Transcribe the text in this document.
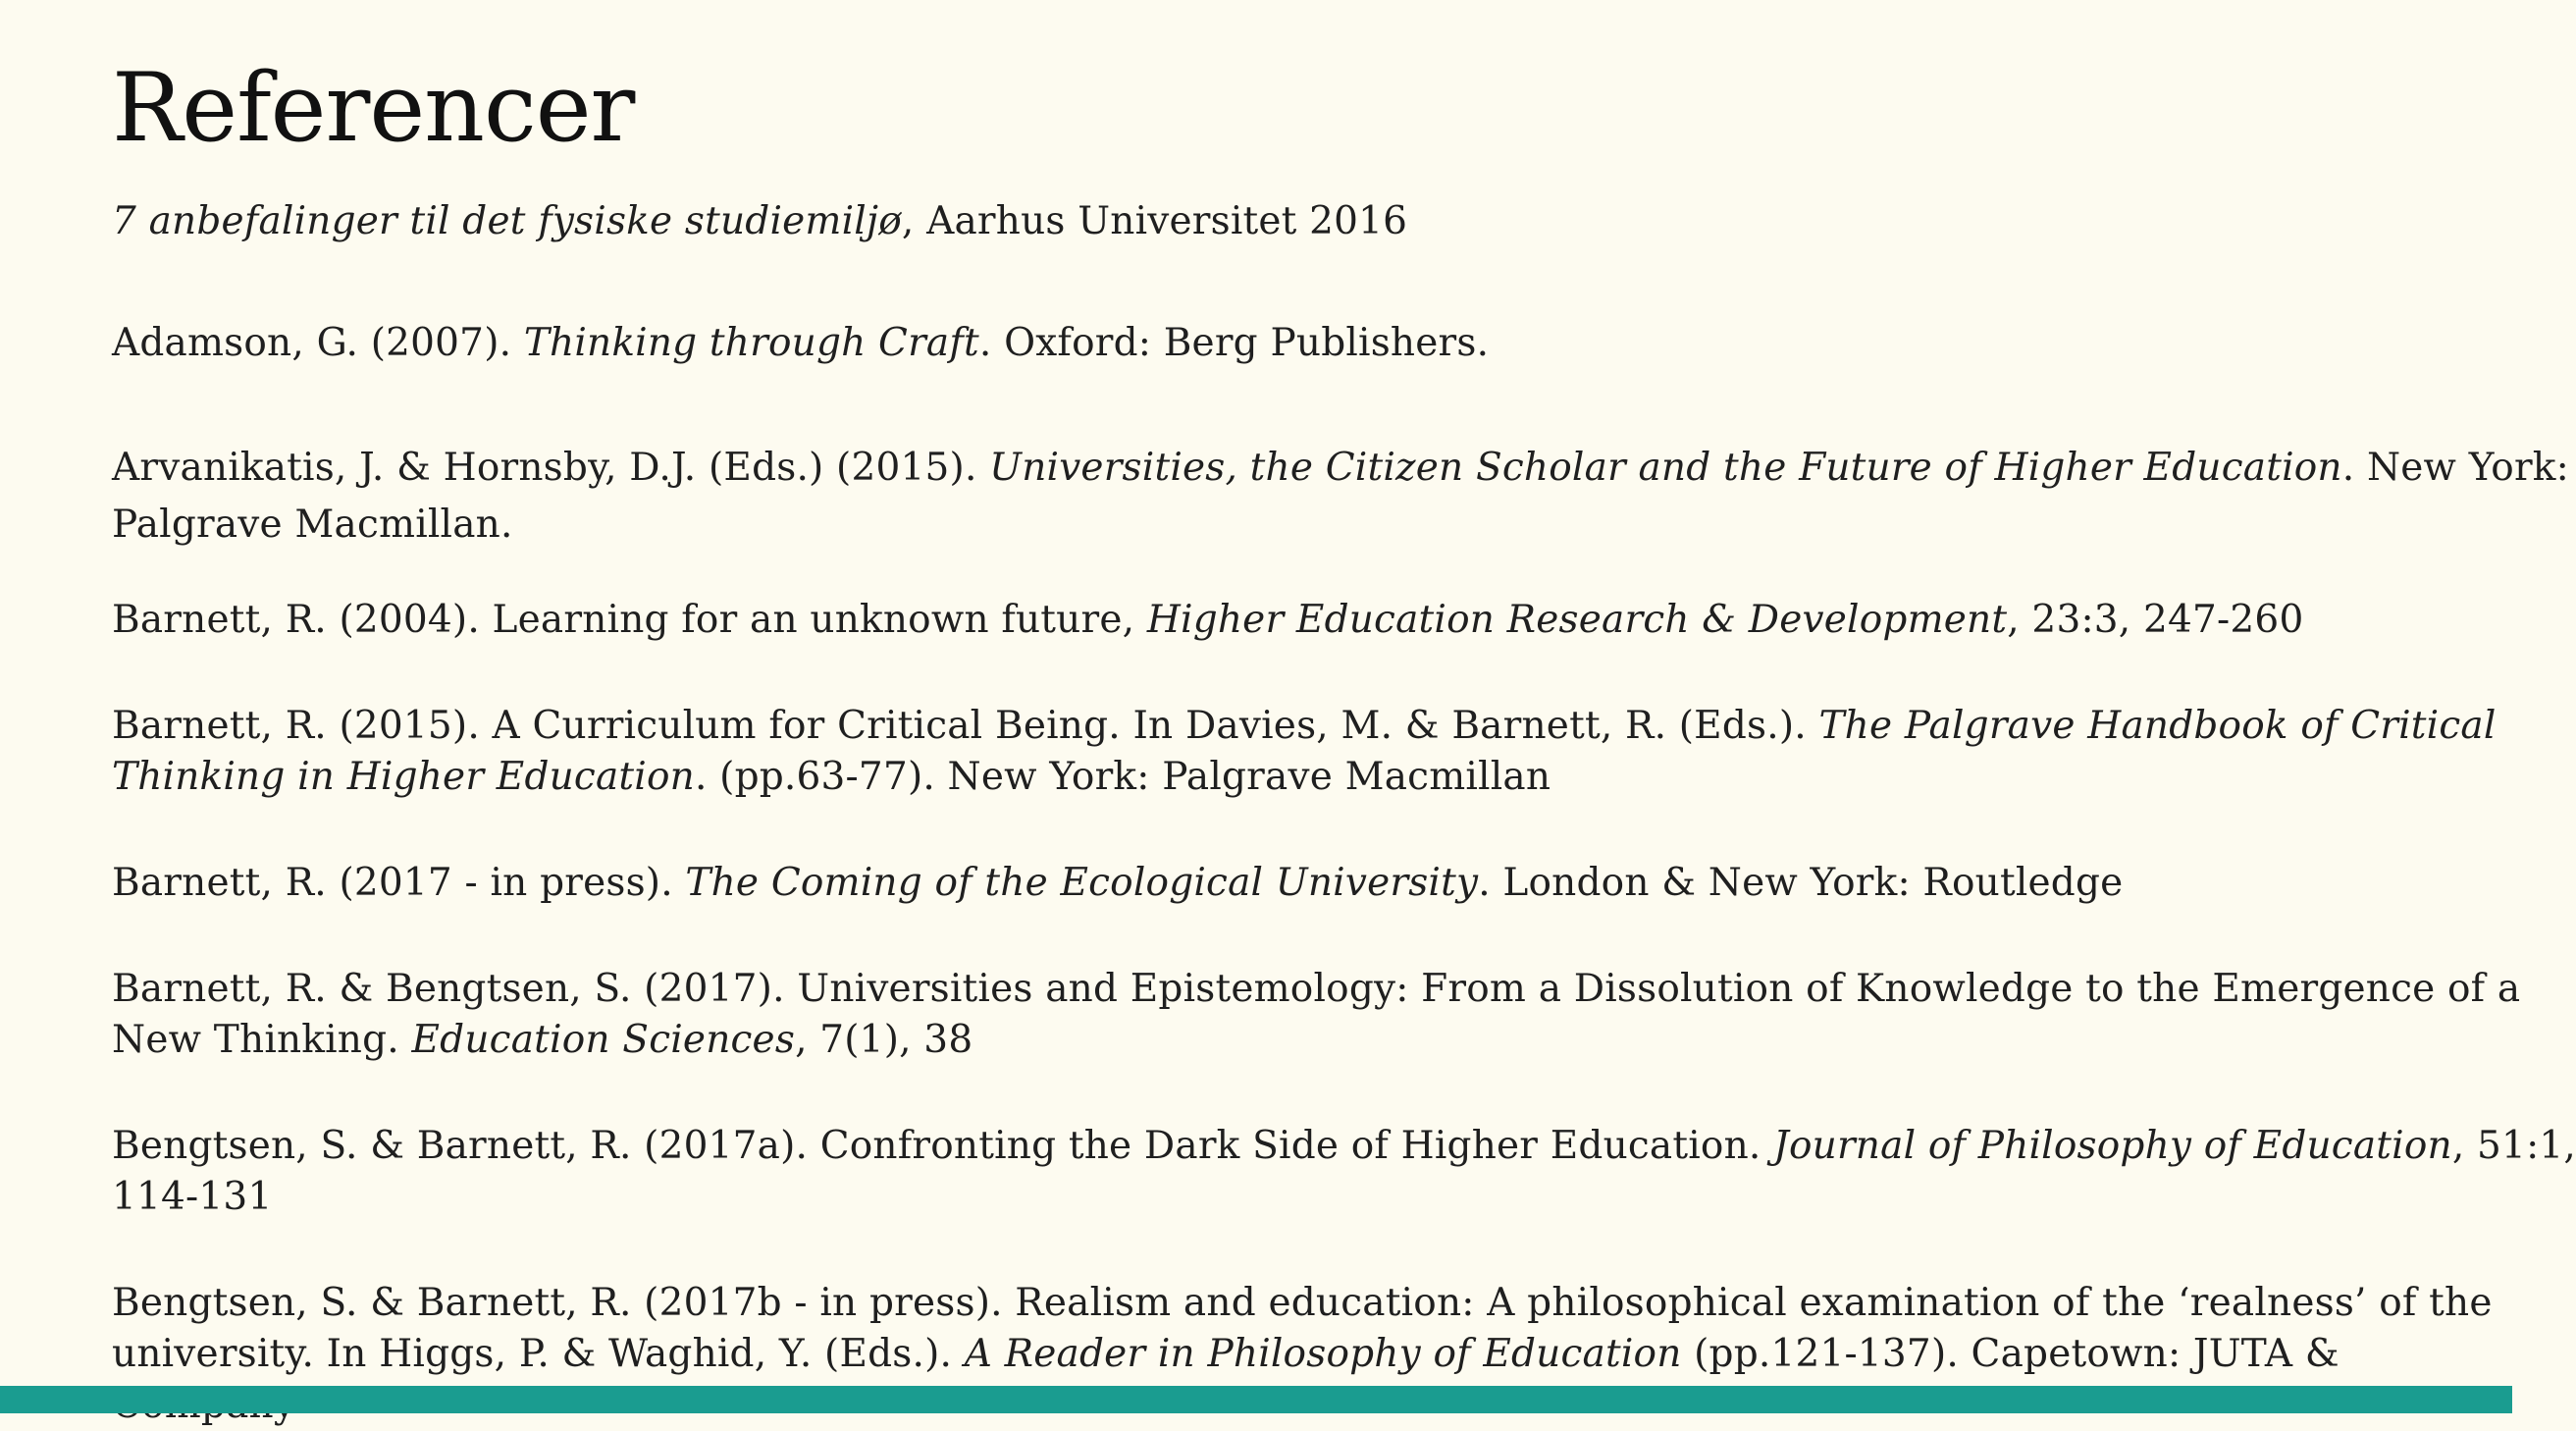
Referencer

7 anbefalinger til det fysiske studiemiljø, Aarhus Universitet 2016

Adamson, G. (2007). Thinking through Craft. Oxford: Berg Publishers.

Arvanikatis, J. & Hornsby, D.J. (Eds.) (2015). Universities, the Citizen Scholar and the Future of Higher Education. New York:
Palgrave Macmillan.

Barnett, R. (2004). Learning for an unknown future, Higher Education Research & Development, 23:3, 247-260

Barnett, R. (2015). A Curriculum for Critical Being. In Davies, M. & Barnett, R. (Eds.). The Palgrave Handbook of Critical
Thinking in Higher Education. (pp.63-77). New York: Palgrave Macmillan

Barnett, R. (2017 - in press). The Coming of the Ecological University. London & New York: Routledge

Barnett, R. & Bengtsen, S. (2017). Universities and Epistemology: From a Dissolution of Knowledge to the Emergence of a
New Thinking. Education Sciences, 7(1), 38

Bengtsen, S. & Barnett, R. (2017a). Confronting the Dark Side of Higher Education. Journal of Philosophy of Education, 51:1,
114-131

Bengtsen, S. & Barnett, R. (2017b - in press). Realism and education: A philosophical examination of the ‘realness’ of the
university. In Higgs, P. & Waghid, Y. (Eds.). A Reader in Philosophy of Education (pp.121-137). Capetown: JUTA &
